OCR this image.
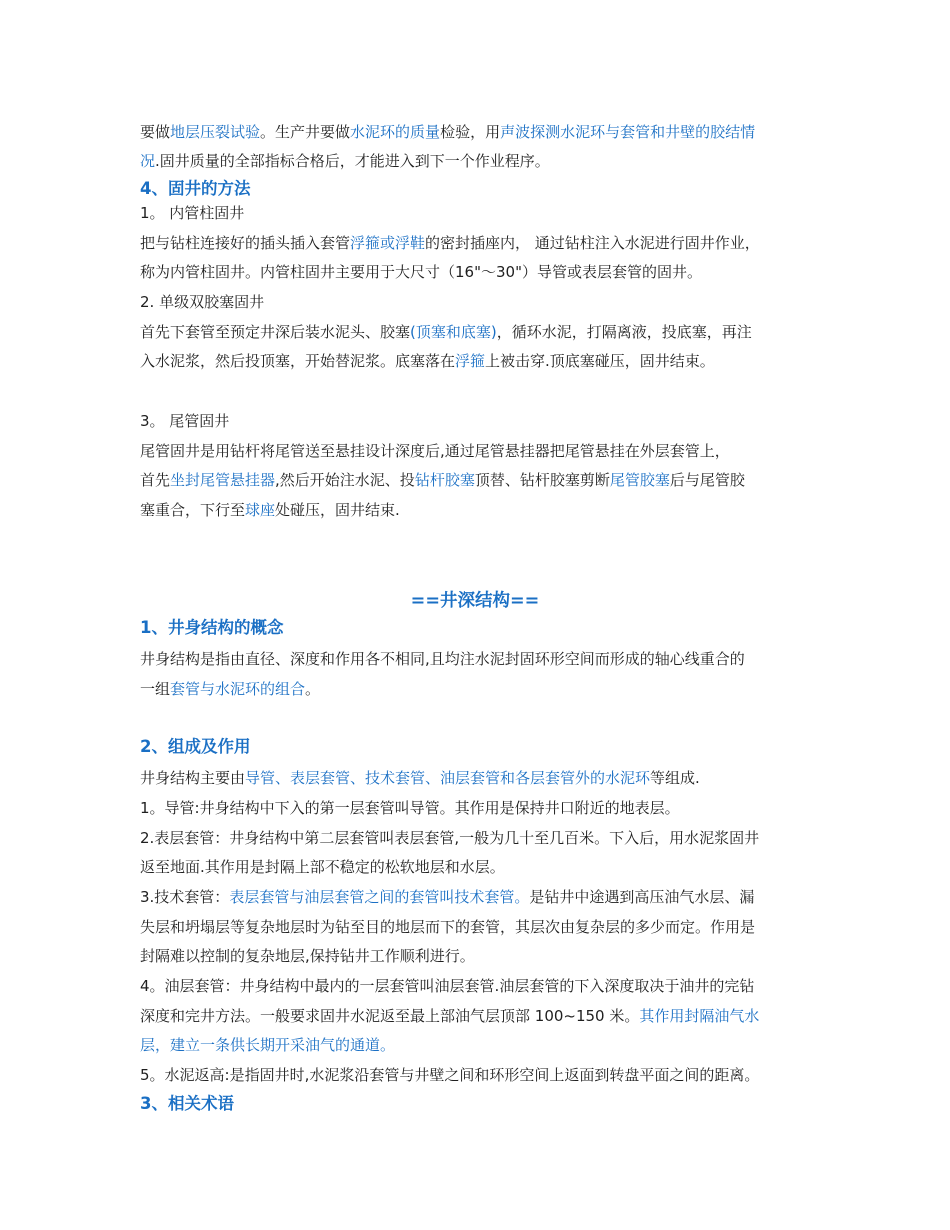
要做地层压裂试验。生产井要做水泥环的质量检验，用声波探测水泥环与套管和井壁的胶结情
况.固井质量的全部指标合格后，才能进入到下一个作业程序。
4、固井的方法
1。 内管柱固井
把与钻柱连接好的插头插入套管浮箍或浮鞋的密封插座内， 通过钻柱注入水泥进行固井作业，
称为内管柱固井。内管柱固井主要用于大尺寸（16"～30"）导管或表层套管的固井。
2. 单级双胶塞固井
首先下套管至预定井深后装水泥头、胶塞(顶塞和底塞)，循环水泥，打隔离液，投底塞，再注
入水泥浆，然后投顶塞，开始替泥浆。底塞落在浮箍上被击穿.顶底塞碰压，固井结束。
3。 尾管固井
尾管固井是用钻杆将尾管送至悬挂设计深度后,通过尾管悬挂器把尾管悬挂在外层套管上，
首先坐封尾管悬挂器,然后开始注水泥、投钻杆胶塞顶替、钻杆胶塞剪断尾管胶塞后与尾管胶
塞重合，下行至球座处碰压，固井结束.
==井深结构==
1、井身结构的概念
井身结构是指由直径、深度和作用各不相同,且均注水泥封固环形空间而形成的轴心线重合的
一组套管与水泥环的组合。
2、组成及作用
井身结构主要由导管、表层套管、技术套管、油层套管和各层套管外的水泥环等组成.
1。导管:井身结构中下入的第一层套管叫导管。其作用是保持井口附近的地表层。
2.表层套管：井身结构中第二层套管叫表层套管,一般为几十至几百米。下入后，用水泥浆固井
返至地面.其作用是封隔上部不稳定的松软地层和水层。
3.技术套管：表层套管与油层套管之间的套管叫技术套管。是钻井中途遇到高压油气水层、漏
失层和坍塌层等复杂地层时为钻至目的地层而下的套管，其层次由复杂层的多少而定。作用是
封隔难以控制的复杂地层,保持钻井工作顺利进行。
4。油层套管：井身结构中最内的一层套管叫油层套管.油层套管的下入深度取决于油井的完钻
深度和完井方法。一般要求固井水泥返至最上部油气层顶部 100~150 米。其作用封隔油气水
层，建立一条供长期开采油气的通道。
5。水泥返高:是指固井时,水泥浆沿套管与井壁之间和环形空间上返面到转盘平面之间的距离。
3、相关术语
